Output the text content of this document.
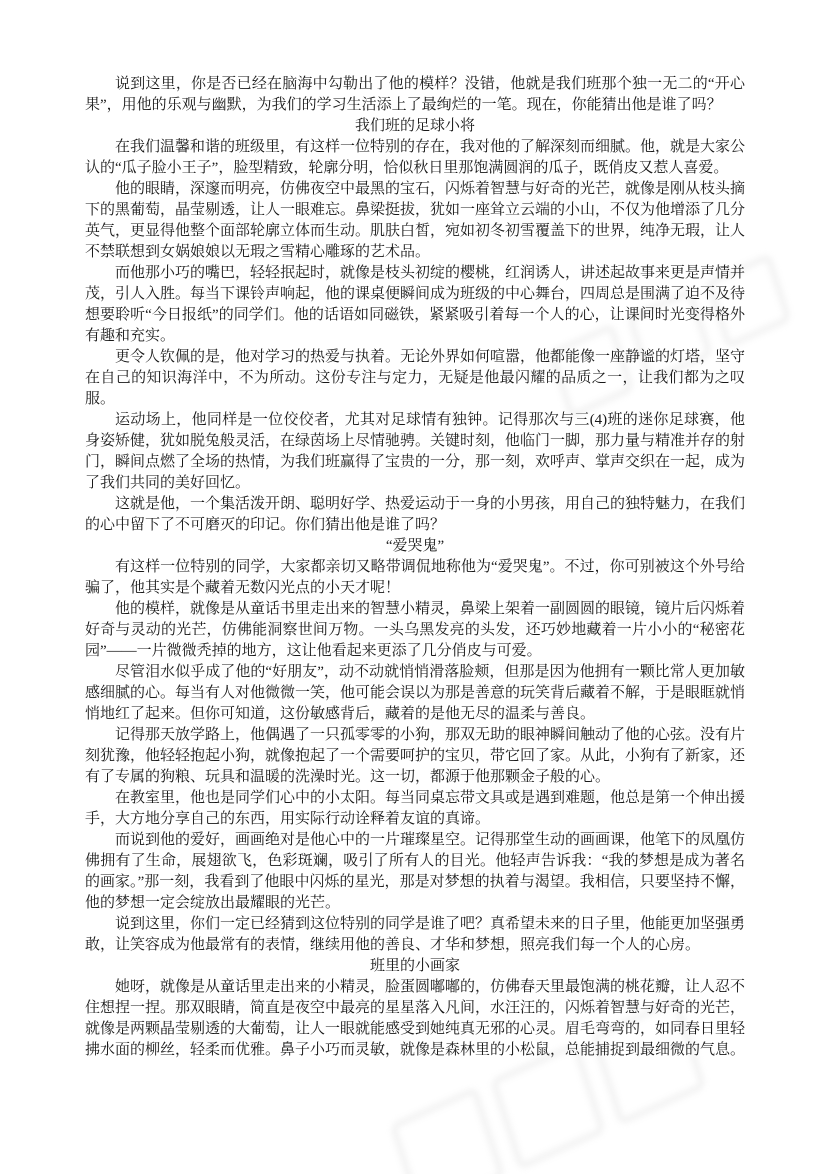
说到这里，你是否已经在脑海中勾勒出了他的模样？没错，他就是我们班那个独一无二的“开心果”，用他的乐观与幽默，为我们的学习生活添上了最绚烂的一笔。现在，你能猜出他是谁了吗？

我们班的足球小将

在我们温馨和谐的班级里，有这样一位特别的存在，我对他的了解深刻而细腻。他，就是大家公认的“瓜子脸小王子”，脸型精致，轮廓分明，恰似秋日里那饱满圆润的瓜子，既俏皮又惹人喜爱。

他的眼睛，深邃而明亮，仿佛夜空中最黑的宝石，闪烁着智慧与好奇的光芒，就像是刚从枝头摘下的黑葡萄，晶莹剔透，让人一眼难忘。鼻梁挺拔，犹如一座耸立云端的小山，不仅为他增添了几分英气，更显得他整个面部轮廓立体而生动。肌肤白皙，宛如初冬初雪覆盖下的世界，纯净无瑕，让人不禁联想到女娲娘娘以无瑕之雪精心雕琢的艺术品。

而他那小巧的嘴巴，轻轻抿起时，就像是枝头初绽的樱桃，红润诱人，讲述起故事来更是声情并茂，引人入胜。每当下课铃声响起，他的课桌便瞬间成为班级的中心舞台，四周总是围满了迫不及待想要聆听“今日报纸”的同学们。他的话语如同磁铁，紧紧吸引着每一个人的心，让课间时光变得格外有趣和充实。

更令人钦佩的是，他对学习的热爱与执着。无论外界如何喧嚣，他都能像一座静谧的灯塔，坚守在自己的知识海洋中，不为所动。这份专注与定力，无疑是他最闪耀的品质之一，让我们都为之叹服。

运动场上，他同样是一位佼佼者，尤其对足球情有独钟。记得那次与三(4)班的迷你足球赛，他身姿矫健，犹如脱兔般灵活，在绿茵场上尽情驰骋。关键时刻，他临门一脚，那力量与精准并存的射门，瞬间点燃了全场的热情，为我们班赢得了宝贵的一分，那一刻，欢呼声、掌声交织在一起，成为了我们共同的美好回忆。

这就是他，一个集活泼开朗、聪明好学、热爱运动于一身的小男孩，用自己的独特魅力，在我们的心中留下了不可磨灭的印记。你们猜出他是谁了吗？

“爱哭鬼”

有这样一位特别的同学，大家都亲切又略带调侃地称他为“爱哭鬼”。不过，你可别被这个外号给骗了，他其实是个藏着无数闪光点的小天才呢！

他的模样，就像是从童话书里走出来的智慧小精灵，鼻梁上架着一副圆圆的眼镜，镜片后闪烁着好奇与灵动的光芒，仿佛能洞察世间万物。一头乌黑发亮的头发，还巧妙地藏着一片小小的“秘密花园”——一片微微秃掉的地方，这让他看起来更添了几分俏皮与可爱。

尽管泪水似乎成了他的“好朋友”，动不动就悄悄滑落脸颊，但那是因为他拥有一颗比常人更加敏感细腻的心。每当有人对他微微一笑，他可能会误以为那是善意的玩笑背后藏着不解，于是眼眶就悄悄地红了起来。但你可知道，这份敏感背后，藏着的是他无尽的温柔与善良。

记得那天放学路上，他偶遇了一只孤零零的小狗，那双无助的眼神瞬间触动了他的心弦。没有片刻犹豫，他轻轻抱起小狗，就像抱起了一个需要呵护的宝贝，带它回了家。从此，小狗有了新家，还有了专属的狗粮、玩具和温暖的洗澡时光。这一切，都源于他那颗金子般的心。

在教室里，他也是同学们心中的小太阳。每当同桌忘带文具或是遇到难题，他总是第一个伸出援手，大方地分享自己的东西，用实际行动诠释着友谊的真谛。

而说到他的爱好，画画绝对是他心中的一片璀璨星空。记得那堂生动的画画课，他笔下的凤凰仿佛拥有了生命，展翅欲飞，色彩斑斓，吸引了所有人的目光。他轻声告诉我：“我的梦想是成为著名的画家。”那一刻，我看到了他眼中闪烁的星光，那是对梦想的执着与渴望。我相信，只要坚持不懈，他的梦想一定会绽放出最耀眼的光芒。

说到这里，你们一定已经猜到这位特别的同学是谁了吧？真希望未来的日子里，他能更加坚强勇敢，让笑容成为他最常有的表情，继续用他的善良、才华和梦想，照亮我们每一个人的心房。

班里的小画家

她呀，就像是从童话里走出来的小精灵，脸蛋圆嘟嘟的，仿佛春天里最饱满的桃花瓣，让人忍不住想捏一捏。那双眼睛，简直是夜空中最亮的星星落入凡间，水汪汪的，闪烁着智慧与好奇的光芒，就像是两颗晶莹剔透的大葡萄，让人一眼就能感受到她纯真无邪的心灵。眉毛弯弯的，如同春日里轻拂水面的柳丝，轻柔而优雅。鼻子小巧而灵敏，就像是森林里的小松鼠，总能捕捉到最细微的气息。
